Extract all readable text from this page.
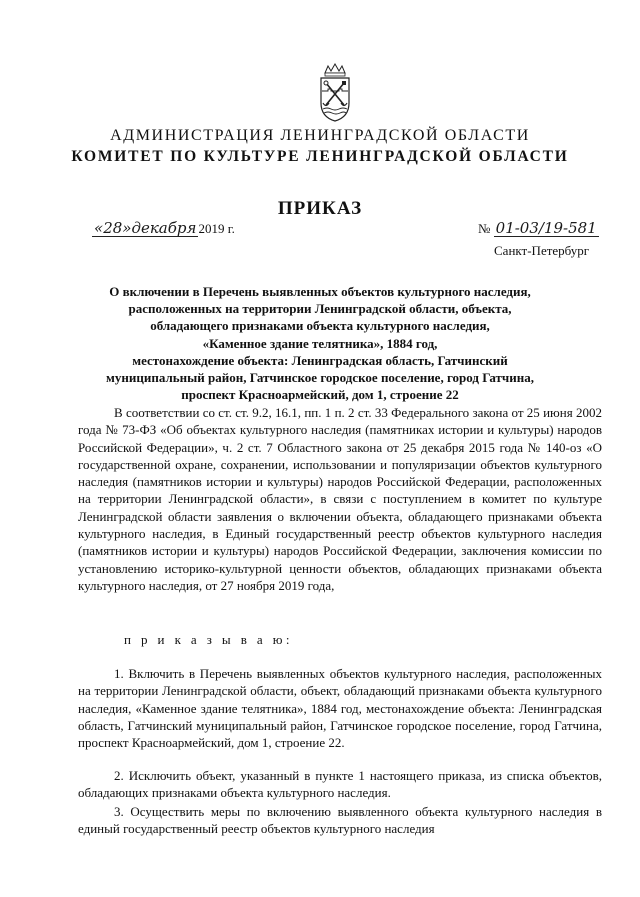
АДМИНИСТРАЦИЯ ЛЕНИНГРАДСКОЙ ОБЛАСТИ
КОМИТЕТ ПО КУЛЬТУРЕ ЛЕНИНГРАДСКОЙ ОБЛАСТИ
ПРИКАЗ
«28»декабря 2019 г.	№ 01-03/19-581
Санкт-Петербург
О включении в Перечень выявленных объектов культурного наследия,
расположенных на территории Ленинградской области, объекта,
обладающего признаками объекта культурного наследия,
«Каменное здание телятника», 1884 год,
местонахождение объекта: Ленинградская область, Гатчинский
муниципальный район, Гатчинское городское поселение, город Гатчина,
проспект Красноармейский, дом 1, строение 22
В соответствии со ст. ст. 9.2, 16.1, пп. 1 п. 2 ст. 33 Федерального закона от 25 июня 2002 года № 73-ФЗ «Об объектах культурного наследия (памятниках истории и культуры) народов Российской Федерации», ч. 2 ст. 7 Областного закона от 25 декабря 2015 года № 140-оз «О государственной охране, сохранении, использовании и популяризации объектов культурного наследия (памятников истории и культуры) народов Российской Федерации, расположенных на территории Ленинградской области», в связи с поступлением в комитет по культуре Ленинградской области заявления о включении объекта, обладающего признаками объекта культурного наследия, в Единый государственный реестр объектов культурного наследия (памятников истории и культуры) народов Российской Федерации, заключения комиссии по установлению историко-культурной ценности объектов, обладающих признаками объекта культурного наследия, от 27 ноября 2019 года,
п р и к а з ы в а ю:
1. Включить в Перечень выявленных объектов культурного наследия, расположенных на территории Ленинградской области, объект, обладающий признаками объекта культурного наследия, «Каменное здание телятника», 1884 год, местонахождение объекта: Ленинградская область, Гатчинский муниципальный район, Гатчинское городское поселение, город Гатчина, проспект Красноармейский, дом 1, строение 22.
2. Исключить объект, указанный в пункте 1 настоящего приказа, из списка объектов, обладающих признаками объекта культурного наследия.
3. Осуществить меры по включению выявленного объекта культурного наследия в единый государственный реестр объектов культурного наследия
